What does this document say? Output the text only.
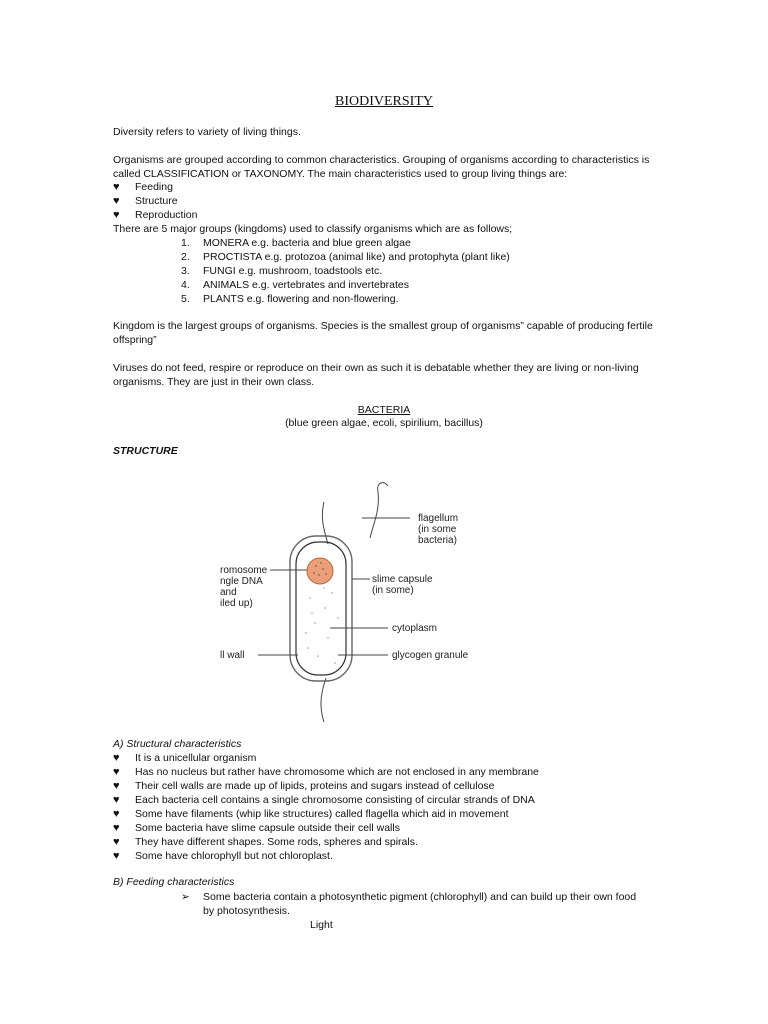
BIODIVERSITY
Diversity refers to variety of living things.
Organisms are grouped according to common characteristics. Grouping of organisms according to characteristics is called CLASSIFICATION or TAXONOMY. The main characteristics used to group living things are:
♥ Feeding
♥ Structure
♥ Reproduction
There are 5 major groups (kingdoms) used to classify organisms which are as follows;
1. MONERA e.g. bacteria and blue green algae
2. PROCTISTA e.g. protozoa (animal like) and protophyta (plant like)
3. FUNGI e.g. mushroom, toadstools etc.
4. ANIMALS e.g. vertebrates and invertebrates
5. PLANTS e.g. flowering and non-flowering.
Kingdom is the largest groups of organisms. Species is the smallest group of organisms” capable of producing fertile offspring”
Viruses do not feed, respire or reproduce on their own as such it is debatable whether they are living or non-living organisms. They are just in their own class.
BACTERIA
(blue green algae, ecoli, spirilium, bacillus)
STRUCTURE
flagellum
(in some
bacteria)
romosome
ngle DNA
and
iled up)
slime capsule
(in some)
cytoplasm
ll wall	glycogen granule
A) Structural characteristics
♥ It is a unicellular organism
♥ Has no nucleus but rather have chromosome which are not enclosed in any membrane
♥ Their cell walls are made up of lipids, proteins and sugars instead of cellulose
♥ Each bacteria cell contains a single chromosome consisting of circular strands of DNA
♥ Some have filaments (whip like structures) called flagella which aid in movement
♥ Some bacteria have slime capsule outside their cell walls
♥ They have different shapes. Some rods, spheres and spirals.
♥ Some have chlorophyll but not chloroplast.
B) Feeding characteristics
➢ Some bacteria contain a photosynthetic pigment (chlorophyll) and can build up their own food by photosynthesis.
Light
